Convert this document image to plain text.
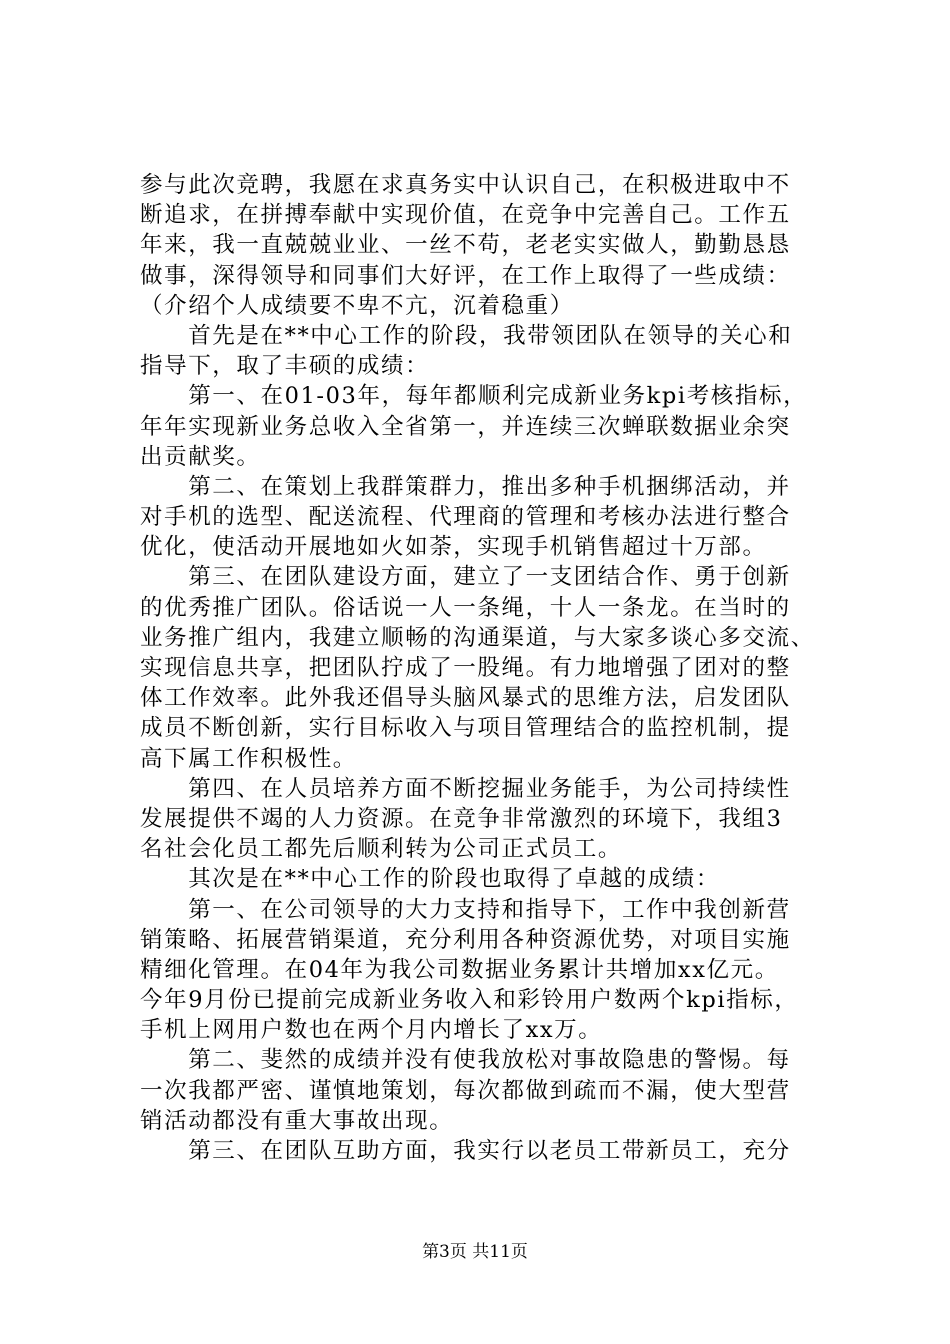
参与此次竞聘，我愿在求真务实中认识自己，在积极进取中不
断追求，在拼搏奉献中实现价值，在竞争中完善自己。工作五
年来，我一直兢兢业业、一丝不苟，老老实实做人，勤勤恳恳
做事，深得领导和同事们大好评，在工作上取得了一些成绩：
（介绍个人成绩要不卑不亢，沉着稳重）
　　首先是在**中心工作的阶段，我带领团队在领导的关心和
指导下，取了丰硕的成绩：
　　第一、在01-03年，每年都顺利完成新业务kpi考核指标，
年年实现新业务总收入全省第一，并连续三次蝉联数据业余突
出贡献奖。
　　第二、在策划上我群策群力，推出多种手机捆绑活动，并
对手机的选型、配送流程、代理商的管理和考核办法进行整合
优化，使活动开展地如火如荼，实现手机销售超过十万部。
　　第三、在团队建设方面，建立了一支团结合作、勇于创新
的优秀推广团队。俗话说一人一条绳，十人一条龙。在当时的
业务推广组内，我建立顺畅的沟通渠道，与大家多谈心多交流、
实现信息共享，把团队拧成了一股绳。有力地增强了团对的整
体工作效率。此外我还倡导头脑风暴式的思维方法，启发团队
成员不断创新，实行目标收入与项目管理结合的监控机制，提
高下属工作积极性。
　　第四、在人员培养方面不断挖掘业务能手，为公司持续性
发展提供不竭的人力资源。在竞争非常激烈的环境下，我组3
名社会化员工都先后顺利转为公司正式员工。
　　其次是在**中心工作的阶段也取得了卓越的成绩：
　　第一、在公司领导的大力支持和指导下，工作中我创新营
销策略、拓展营销渠道，充分利用各种资源优势，对项目实施
精细化管理。在04年为我公司数据业务累计共增加xx亿元。
今年9月份已提前完成新业务收入和彩铃用户数两个kpi指标，
手机上网用户数也在两个月内增长了xx万。
　　第二、斐然的成绩并没有使我放松对事故隐患的警惕。每
一次我都严密、谨慎地策划，每次都做到疏而不漏，使大型营
销活动都没有重大事故出现。
　　第三、在团队互助方面，我实行以老员工带新员工，充分
第3页 共11页
